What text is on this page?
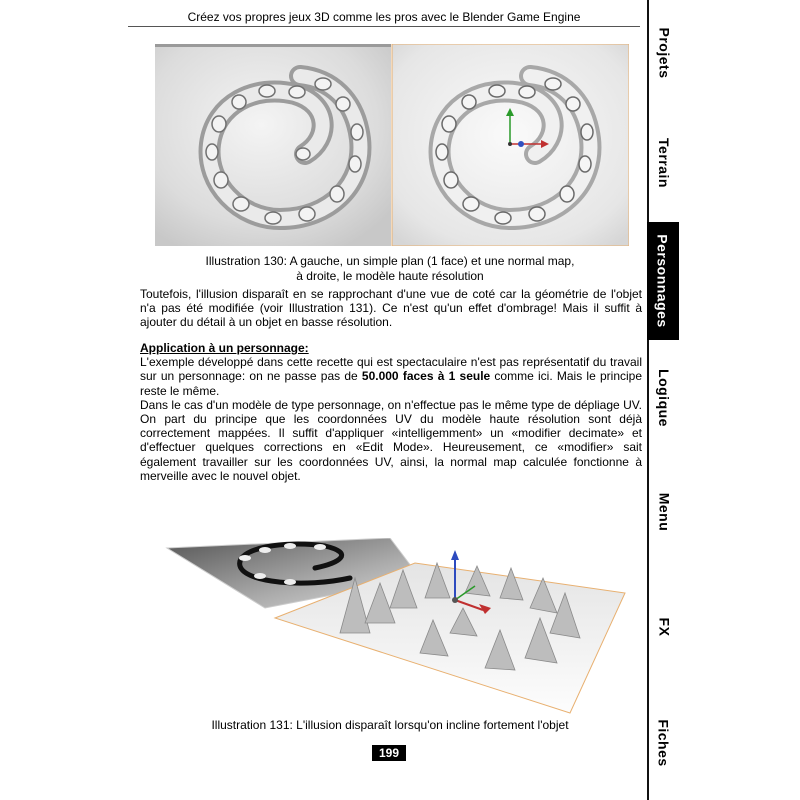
Créez vos propres jeux 3D comme les pros avec le Blender Game Engine
Projets
Terrain
Personnages
Logique
Menu
FX
Fiches
Illustration 130: A gauche, un simple plan (1 face) et une normal map,
à droite, le modèle haute résolution

Toutefois, l'illusion disparaît en se rapprochant d'une vue de coté car la géométrie de l'objet n'a pas été modifiée (voir Illustration 131). Ce n'est qu'un effet d'ombrage! Mais il suffit à ajouter du détail à un objet en basse résolution.

Application à un personnage:

L'exemple développé dans cette recette qui est spectaculaire n'est pas représentatif du travail sur un personnage: on ne passe pas de 50.000 faces à 1 seule comme ici. Mais le principe reste le même.

Dans le cas d'un modèle de type personnage, on n'effectue pas le même type de dépliage UV. On part du principe que les coordonnées UV du modèle haute résolution sont déjà correctement mappées. Il suffit d'appliquer «intelligemment» un «modifier decimate» et d'effectuer quelques corrections en «Edit Mode». Heureusement, ce «modifier» sait également travailler sur les coordonnées UV, ainsi, la normal map calculée fonctionne à merveille avec le nouvel objet.

Illustration 131: L'illusion disparaît lorsqu'on incline fortement l'objet
199
